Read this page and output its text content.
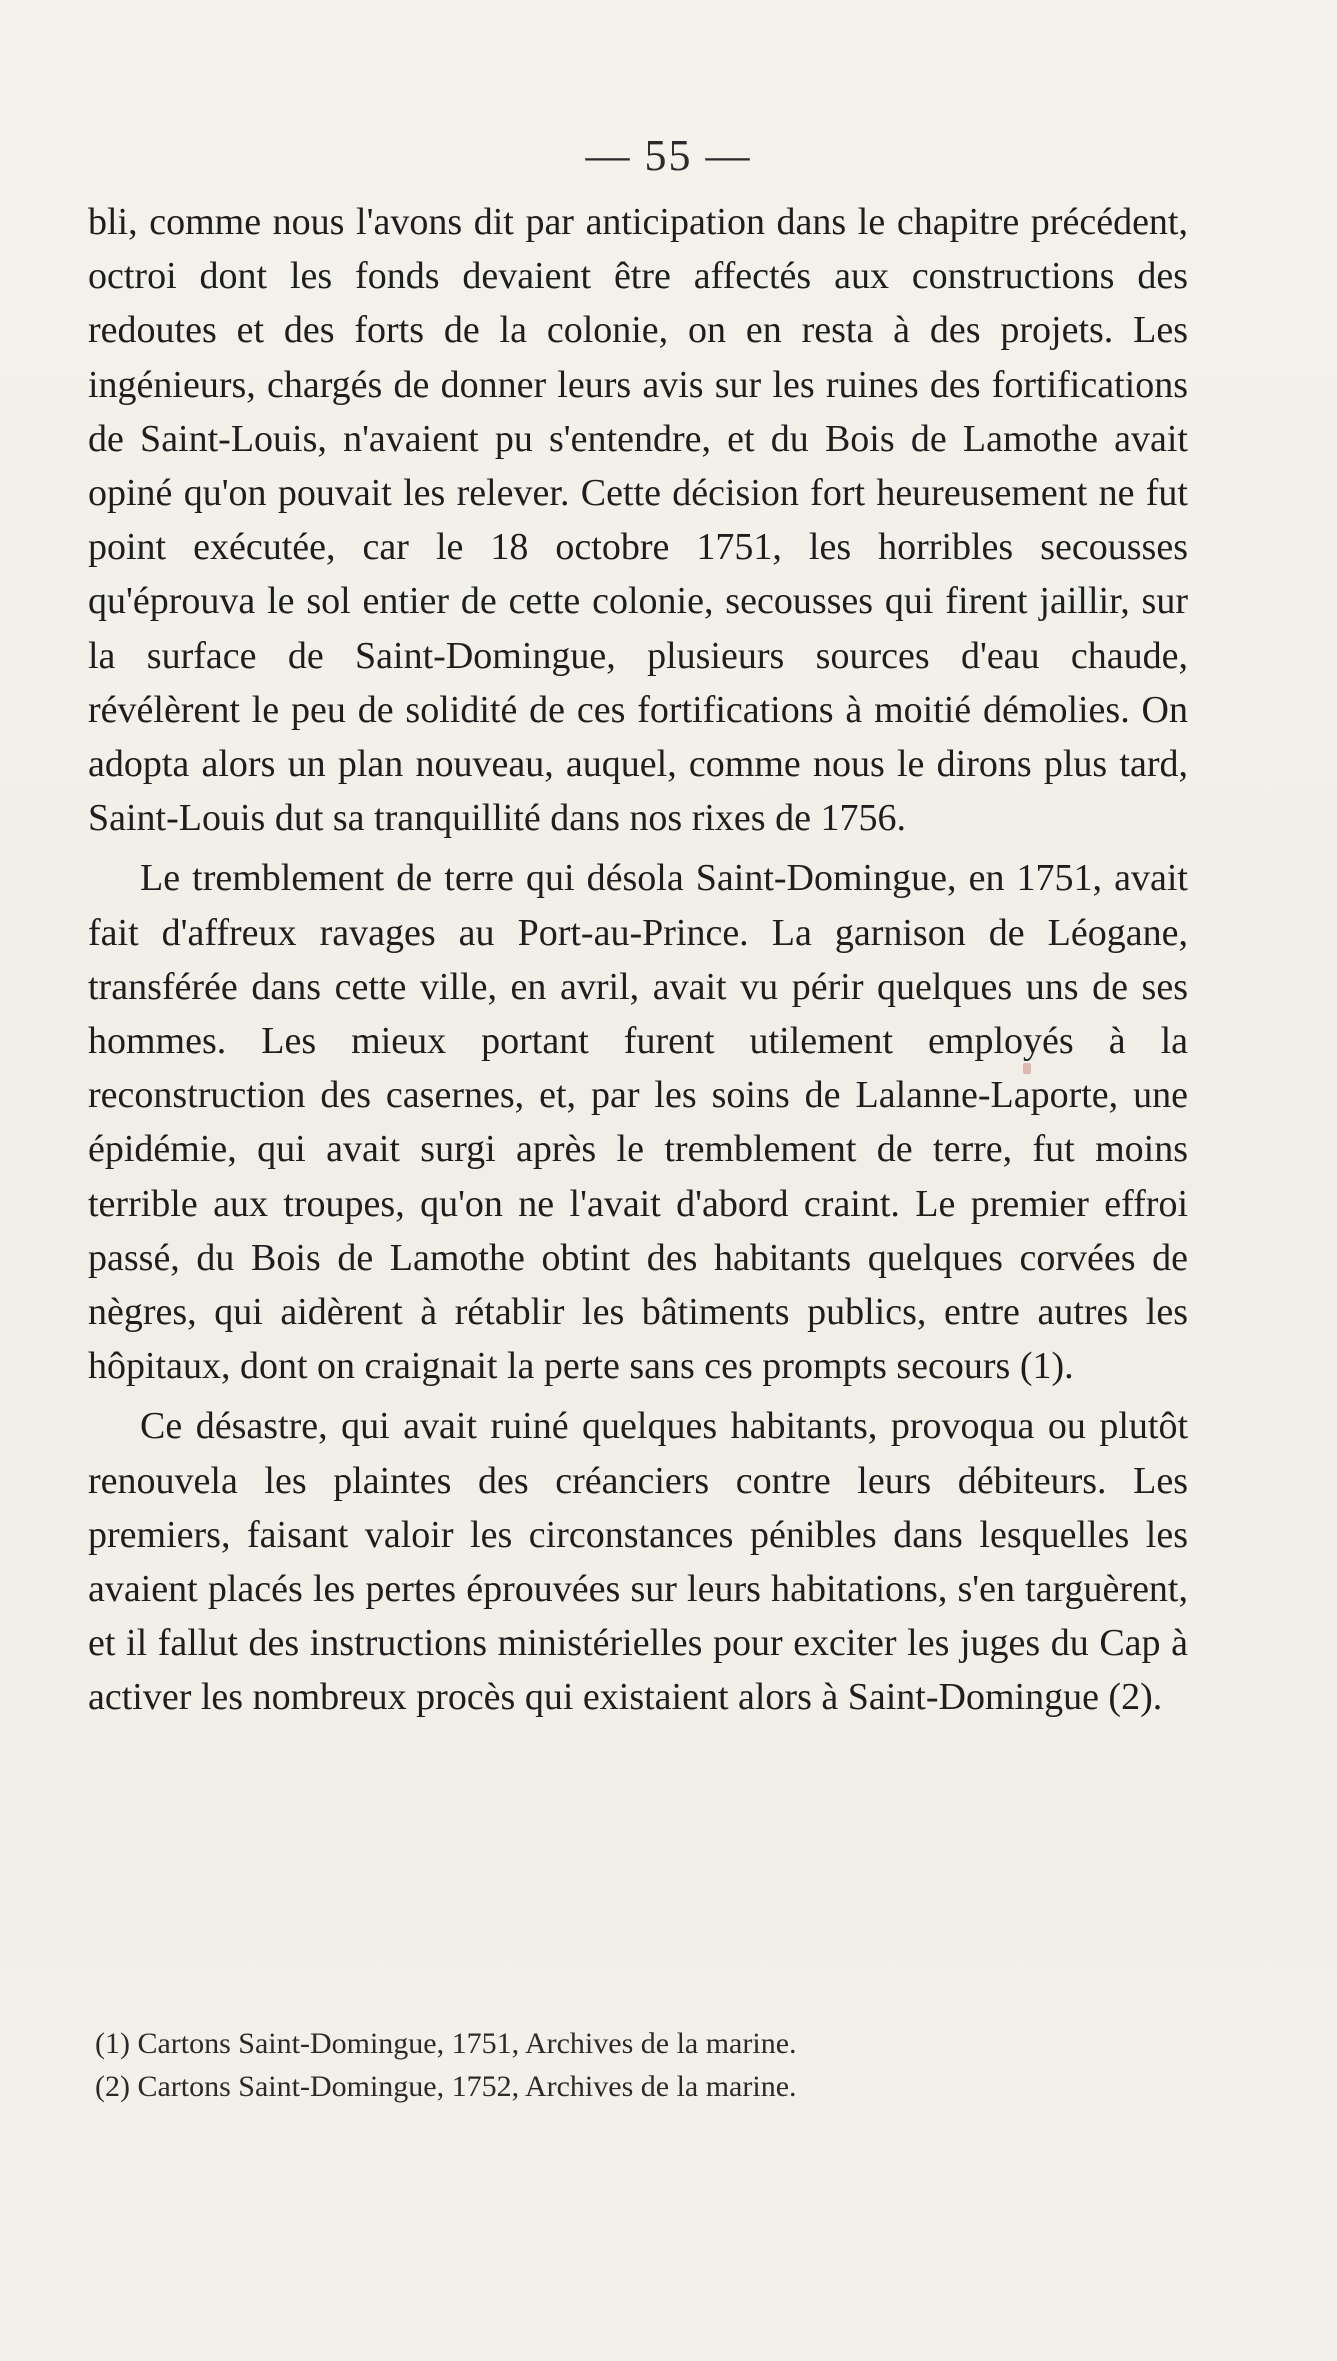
— 55 —

bli, comme nous l'avons dit par anticipation dans le chapitre précédent, octroi dont les fonds devaient être affectés aux constructions des redoutes et des forts de la colonie, on en resta à des projets. Les ingénieurs, chargés de donner leurs avis sur les ruines des fortifications de Saint-Louis, n'avaient pu s'entendre, et du Bois de Lamothe avait opiné qu'on pouvait les relever. Cette décision fort heureusement ne fut point exécutée, car le 18 octobre 1751, les horribles secousses qu'éprouva le sol entier de cette colonie, secousses qui firent jaillir, sur la surface de Saint-Domingue, plusieurs sources d'eau chaude, révélèrent le peu de solidité de ces fortifications à moitié démolies. On adopta alors un plan nouveau, auquel, comme nous le dirons plus tard, Saint-Louis dut sa tranquillité dans nos rixes de 1756.

Le tremblement de terre qui désola Saint-Domingue, en 1751, avait fait d'affreux ravages au Port-au-Prince. La garnison de Léogane, transférée dans cette ville, en avril, avait vu périr quelques uns de ses hommes. Les mieux portant furent utilement employés à la reconstruction des casernes, et, par les soins de Lalanne-Laporte, une épidémie, qui avait surgi après le tremblement de terre, fut moins terrible aux troupes, qu'on ne l'avait d'abord craint. Le premier effroi passé, du Bois de Lamothe obtint des habitants quelques corvées de nègres, qui aidèrent à rétablir les bâtiments publics, entre autres les hôpitaux, dont on craignait la perte sans ces prompts secours (1).

Ce désastre, qui avait ruiné quelques habitants, provoqua ou plutôt renouvela les plaintes des créanciers contre leurs débiteurs. Les premiers, faisant valoir les circonstances pénibles dans lesquelles les avaient placés les pertes éprouvées sur leurs habitations, s'en targuèrent, et il fallut des instructions ministérielles pour exciter les juges du Cap à activer les nombreux procès qui existaient alors à Saint-Domingue (2).

(1) Cartons Saint-Domingue, 1751, Archives de la marine.
(2) Cartons Saint-Domingue, 1752, Archives de la marine.
